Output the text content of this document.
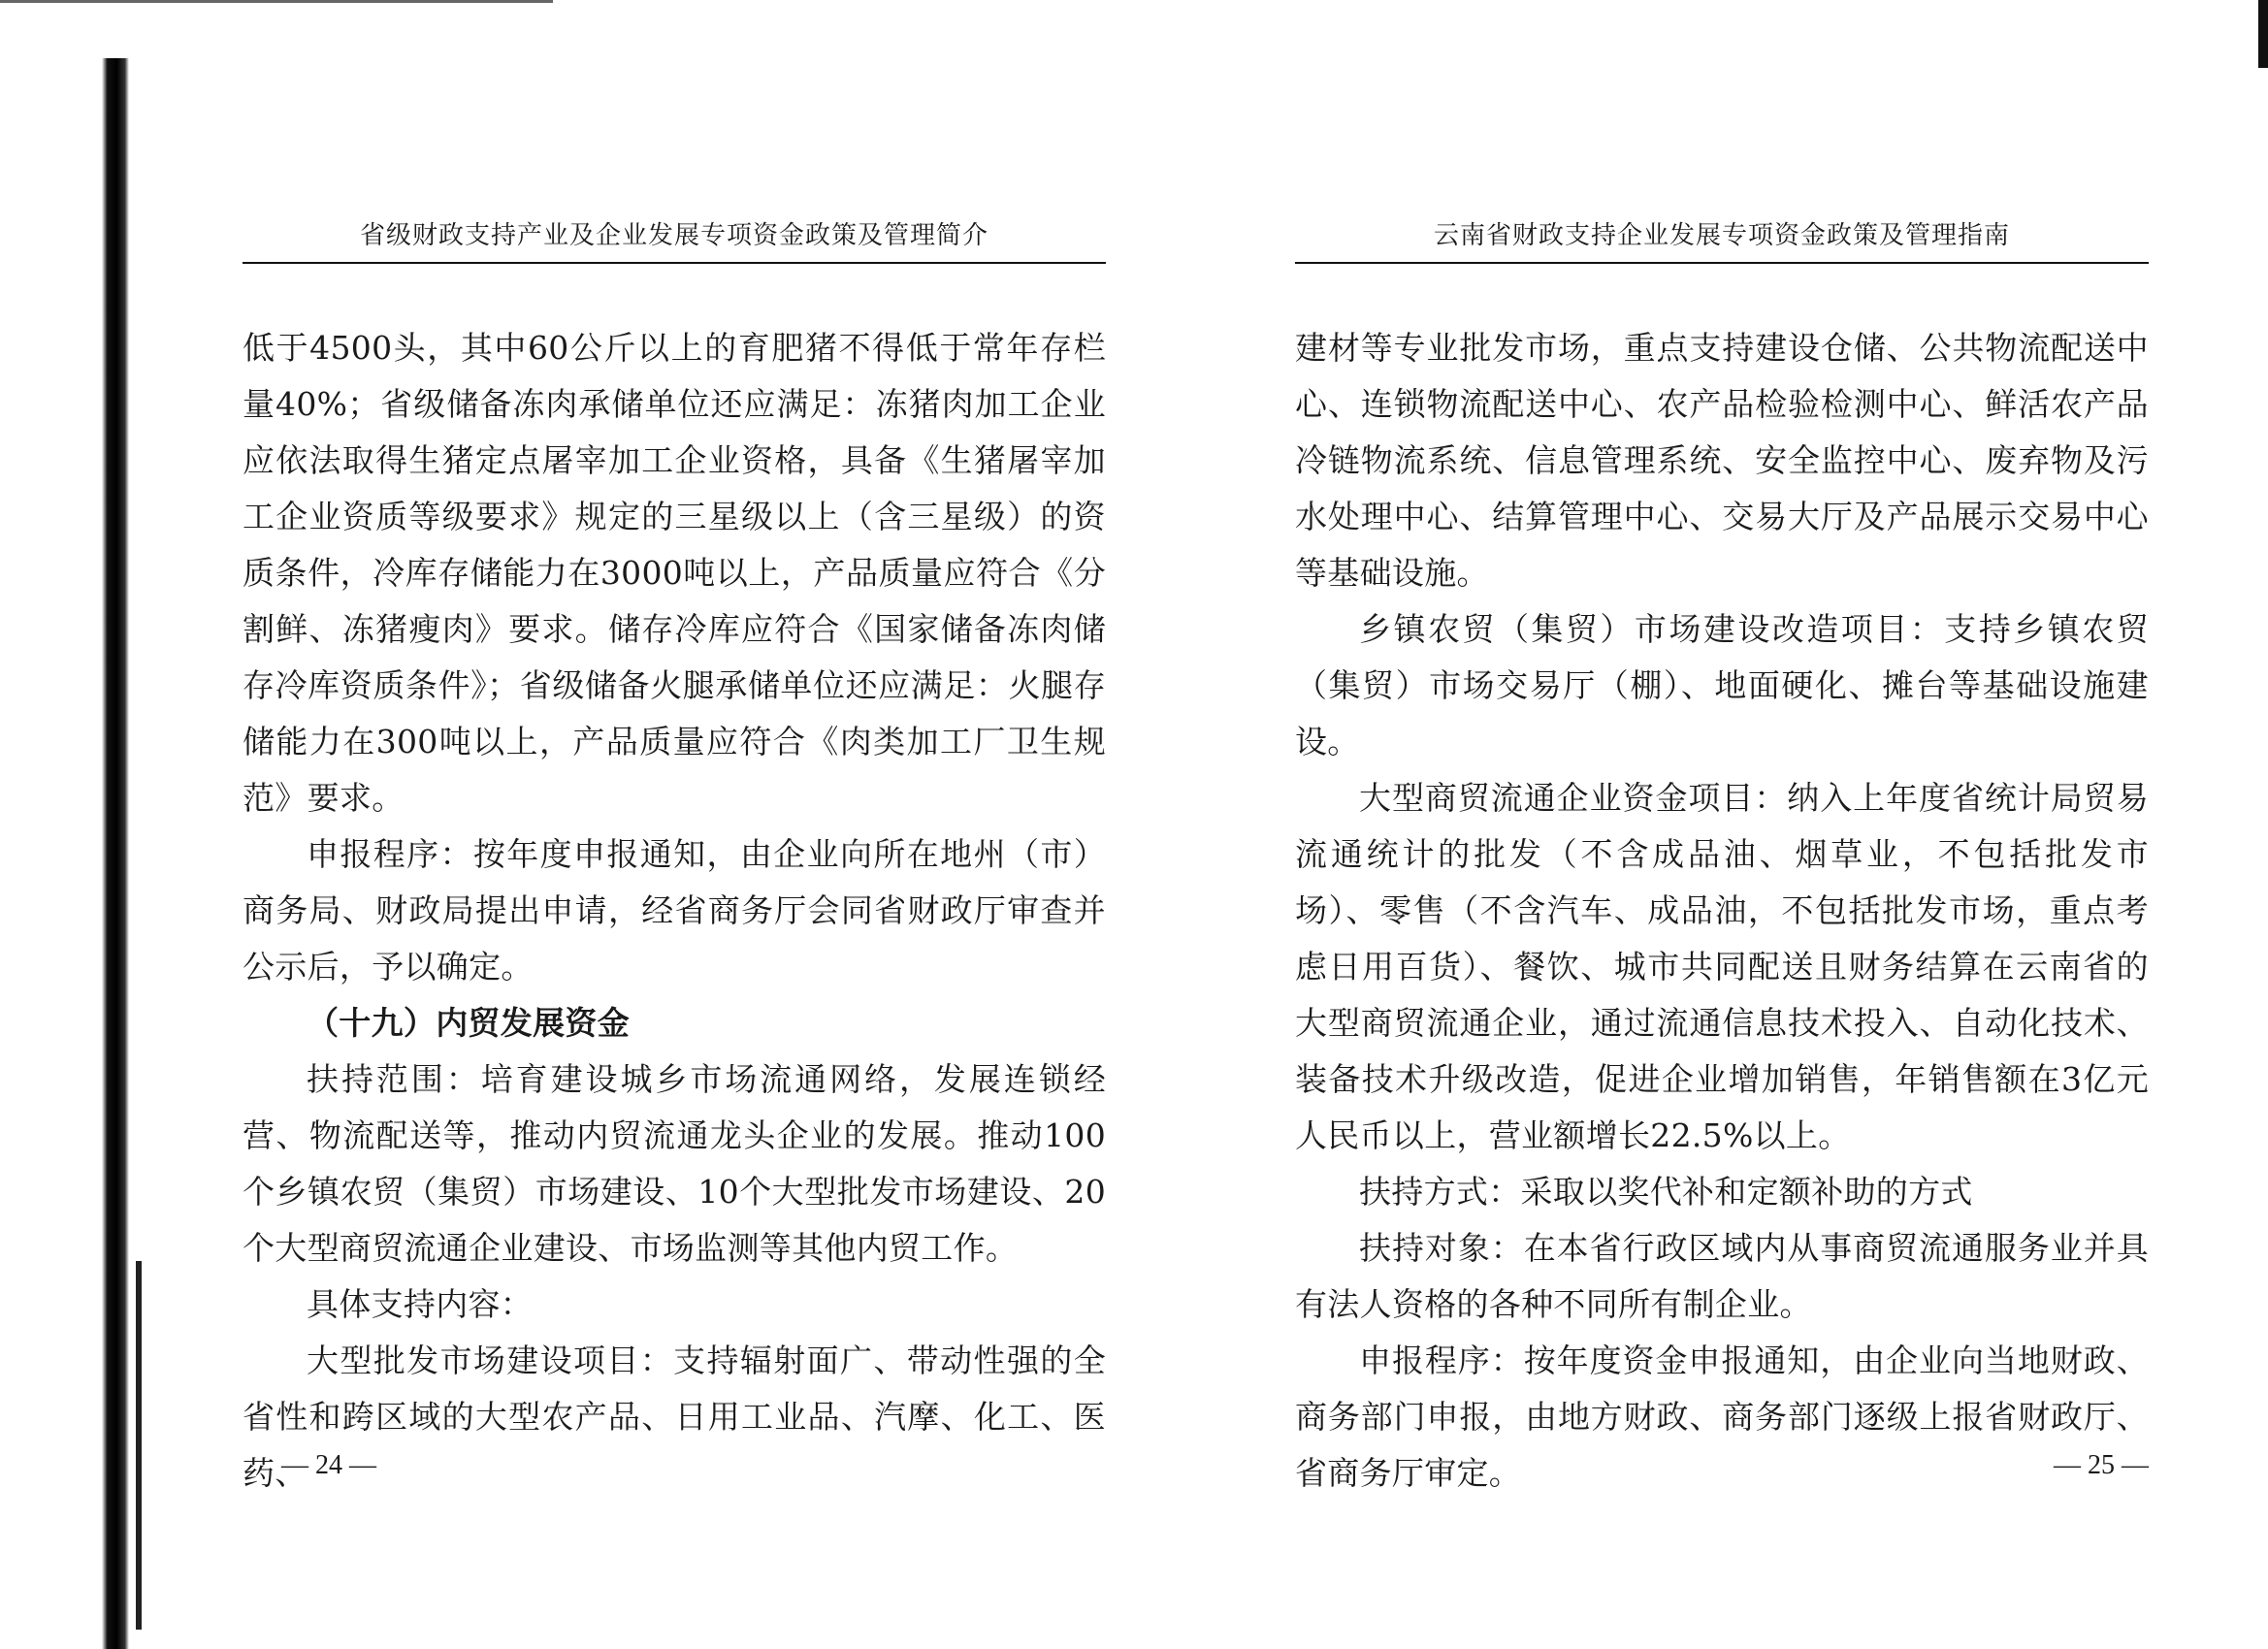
省级财政支持产业及企业发展专项资金政策及管理简介

低于4500头，其中60公斤以上的育肥猪不得低于常年存栏量40%；省级储备冻肉承储单位还应满足：冻猪肉加工企业应依法取得生猪定点屠宰加工企业资格，具备《生猪屠宰加工企业资质等级要求》规定的三星级以上（含三星级）的资质条件，冷库存储能力在3000吨以上，产品质量应符合《分割鲜、冻猪瘦肉》要求。储存冷库应符合《国家储备冻肉储存冷库资质条件》；省级储备火腿承储单位还应满足：火腿存储能力在300吨以上，产品质量应符合《肉类加工厂卫生规范》要求。

申报程序：按年度申报通知，由企业向所在地州（市）商务局、财政局提出申请，经省商务厅会同省财政厅审查并公示后，予以确定。

（十九）内贸发展资金

扶持范围：培育建设城乡市场流通网络，发展连锁经营、物流配送等，推动内贸流通龙头企业的发展。推动100个乡镇农贸（集贸）市场建设、10个大型批发市场建设、20个大型商贸流通企业建设、市场监测等其他内贸工作。

具体支持内容：

大型批发市场建设项目：支持辐射面广、带动性强的全省性和跨区域的大型农产品、日用工业品、汽摩、化工、医药、

— 24 —
云南省财政支持企业发展专项资金政策及管理指南

建材等专业批发市场，重点支持建设仓储、公共物流配送中心、连锁物流配送中心、农产品检验检测中心、鲜活农产品冷链物流系统、信息管理系统、安全监控中心、废弃物及污水处理中心、结算管理中心、交易大厅及产品展示交易中心等基础设施。

乡镇农贸（集贸）市场建设改造项目：支持乡镇农贸（集贸）市场交易厅（棚）、地面硬化、摊台等基础设施建设。

大型商贸流通企业资金项目：纳入上年度省统计局贸易流通统计的批发（不含成品油、烟草业，不包括批发市场）、零售（不含汽车、成品油，不包括批发市场，重点考虑日用百货）、餐饮、城市共同配送且财务结算在云南省的大型商贸流通企业，通过流通信息技术投入、自动化技术、装备技术升级改造，促进企业增加销售，年销售额在3亿元人民币以上，营业额增长22.5%以上。

扶持方式：采取以奖代补和定额补助的方式

扶持对象：在本省行政区域内从事商贸流通服务业并具有法人资格的各种不同所有制企业。

申报程序：按年度资金申报通知，由企业向当地财政、商务部门申报，由地方财政、商务部门逐级上报省财政厅、省商务厅审定。	— 25 —
